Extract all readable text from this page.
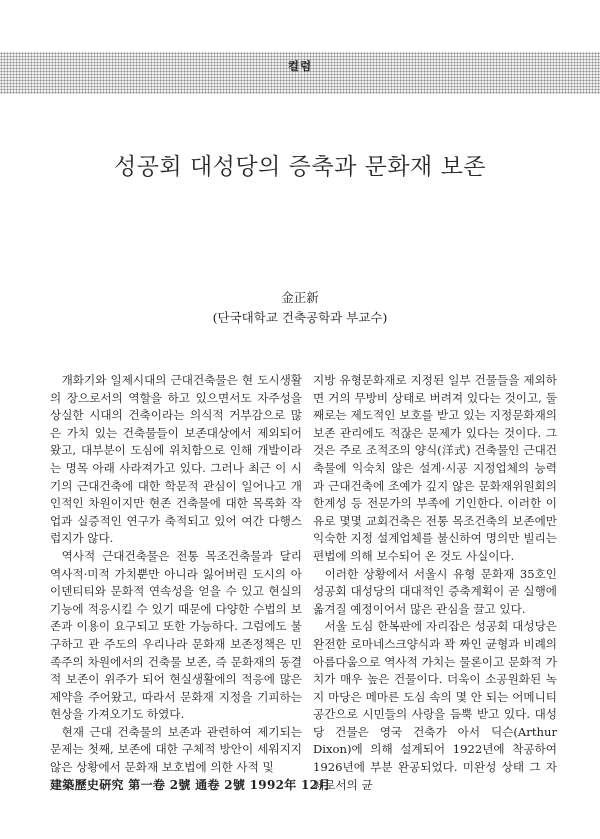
컬럼
성공회 대성당의 증축과 문화재 보존
金正新
(단국대학교 건축공학과 부교수)

개화기와 일제시대의 근대건축물은 현 도시생활의 장으로서의 역할을 하고 있으면서도 자주성을 상실한 시대의 건축이라는 의식적 거부감으로 많은 가치 있는 건축물들이 보존대상에서 제외되어 왔고, 대부분이 도심에 위치함으로 인해 개발이라는 명목 아래 사라져가고 있다. 그러나 최근 이 시기의 근대건축에 대한 학문적 관심이 일어나고 개인적인 차원이지만 현존 건축물에 대한 목록화 작업과 실증적인 연구가 축적되고 있어 여간 다행스럽지가 않다.

역사적 근대건축물은 전통 목조건축물과 달리 역사적·미적 가치뿐만 아니라 잃어버린 도시의 아이덴티티와 문화적 연속성을 얻을 수 있고 현실의 기능에 적응시킬 수 있기 때문에 다양한 수법의 보존과 이용이 요구되고 또한 가능하다. 그럼에도 불구하고 관 주도의 우리나라 문화재 보존정책은 민족주의 차원에서의 건축물 보존, 즉 문화재의 동결적 보존이 위주가 되어 현실생활에의 적응에 많은 제약을 주어왔고, 따라서 문화재 지정을 기피하는 현상을 가져오기도 하였다.

현재 근대 건축물의 보존과 관련하여 제기되는 문제는 첫째, 보존에 대한 구체적 방안이 세워지지 않은 상황에서 문화재 보호법에 의한 사적 및

지방 유형문화재로 지정된 일부 건물들을 제외하면 거의 무방비 상태로 버려져 있다는 것이고, 둘째로는 제도적인 보호를 받고 있는 지정문화재의 보존 관리에도 적잖은 문제가 있다는 것이다. 그것은 주로 조적조의 양식(洋式) 건축물인 근대건축물에 익숙치 않은 설계·시공 지정업체의 능력과 근대건축에 조예가 깊지 않은 문화재위원회의 한계성 등 전문가의 부족에 기인한다. 이러한 이유로 몇몇 교회건축은 전통 목조건축의 보존에만 익숙한 지정 설계업체를 불신하여 명의만 빌리는 편법에 의해 보수되어 온 것도 사실이다.

이러한 상황에서 서울시 유형 문화재 35호인 성공회 대성당의 대대적인 증축계획이 곧 실행에 옮겨질 예정이어서 많은 관심을 끌고 있다.

서울 도심 한복판에 자리잡은 성공회 대성당은 완전한 로마네스크양식과 꽉 짜인 균형과 비례의 아름다움으로 역사적 가치는 물론이고 문화적 가치가 매우 높은 건물이다. 더욱이 소공원화된 녹지 마당은 메마른 도심 속의 몇 안 되는 어메니티 공간으로 시민들의 사랑을 듬뿍 받고 있다. 대성당 건물은 영국 건축가 아서 딕슨(Arthur Dixon)에 의해 설계되어 1922년에 착공하여 1926년에 부분 완공되었다. 미완성 상태 그 자체로서의 균

建築歷史硏究 第一卷 2號 通卷 2號 1992年 12月
